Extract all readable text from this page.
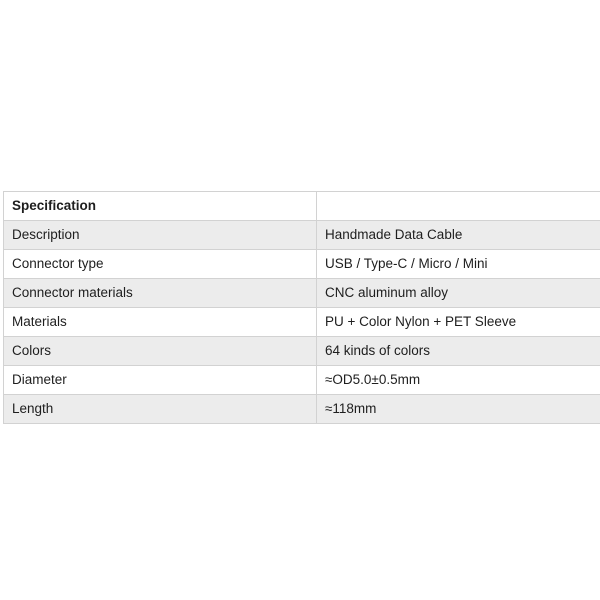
Specification	
Description	Handmade Data Cable
Connector type	USB / Type-C / Micro / Mini
Connector materials	CNC aluminum alloy
Materials	PU + Color Nylon + PET Sleeve
Colors	64 kinds of colors
Diameter	≈OD5.0±0.5mm
Length	≈118mm
